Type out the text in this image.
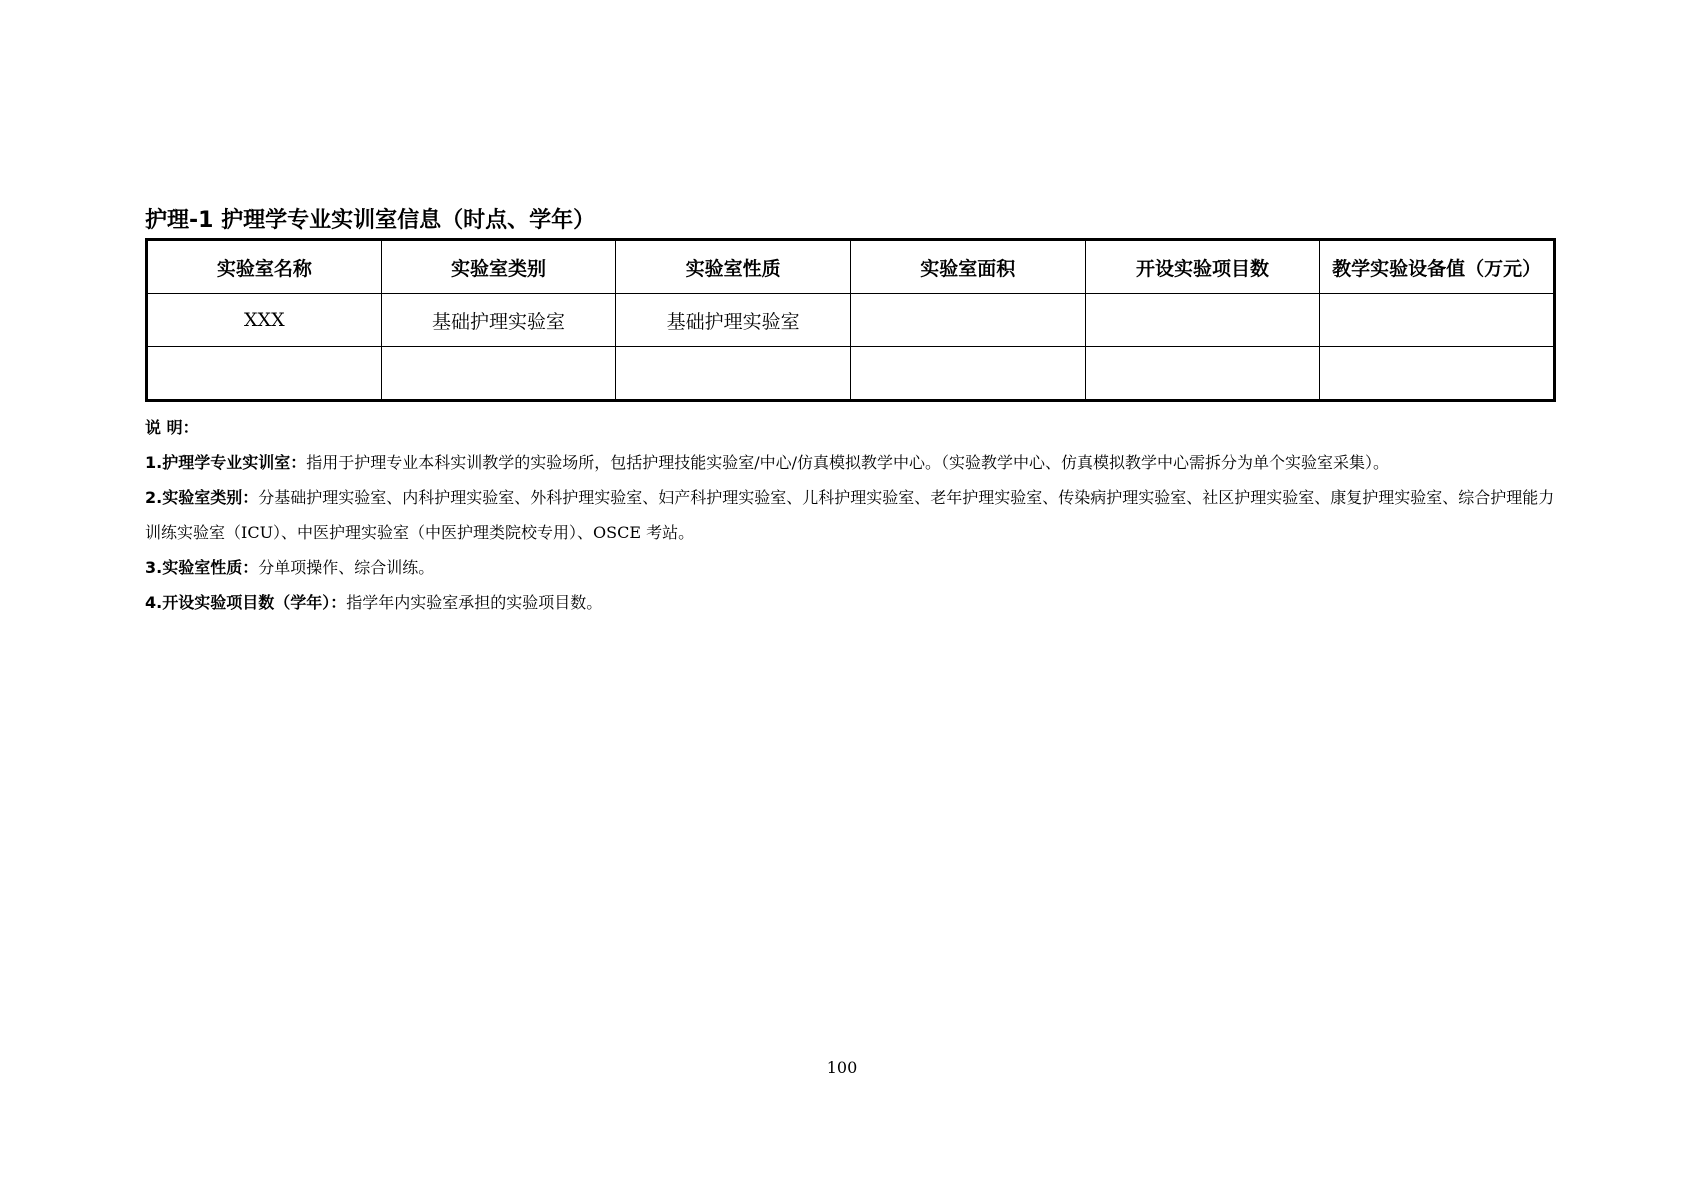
护理-1 护理学专业实训室信息（时点、学年）
实验室名称	实验室类别	实验室性质	实验室面积	开设实验项目数	教学实验设备值（万元）
XXX	基础护理实验室	基础护理实验室			

说 明：
1.护理学专业实训室：指用于护理专业本科实训教学的实验场所，包括护理技能实验室/中心/仿真模拟教学中心。（实验教学中心、仿真模拟教学中心需拆分为单个实验室采集）。
2.实验室类别：分基础护理实验室、内科护理实验室、外科护理实验室、妇产科护理实验室、儿科护理实验室、老年护理实验室、传染病护理实验室、社区护理实验室、康复护理实验室、综合护理能力训练实验室（ICU）、中医护理实验室（中医护理类院校专用）、OSCE 考站。
3.实验室性质：分单项操作、综合训练。
4.开设实验项目数（学年）：指学年内实验室承担的实验项目数。
100
